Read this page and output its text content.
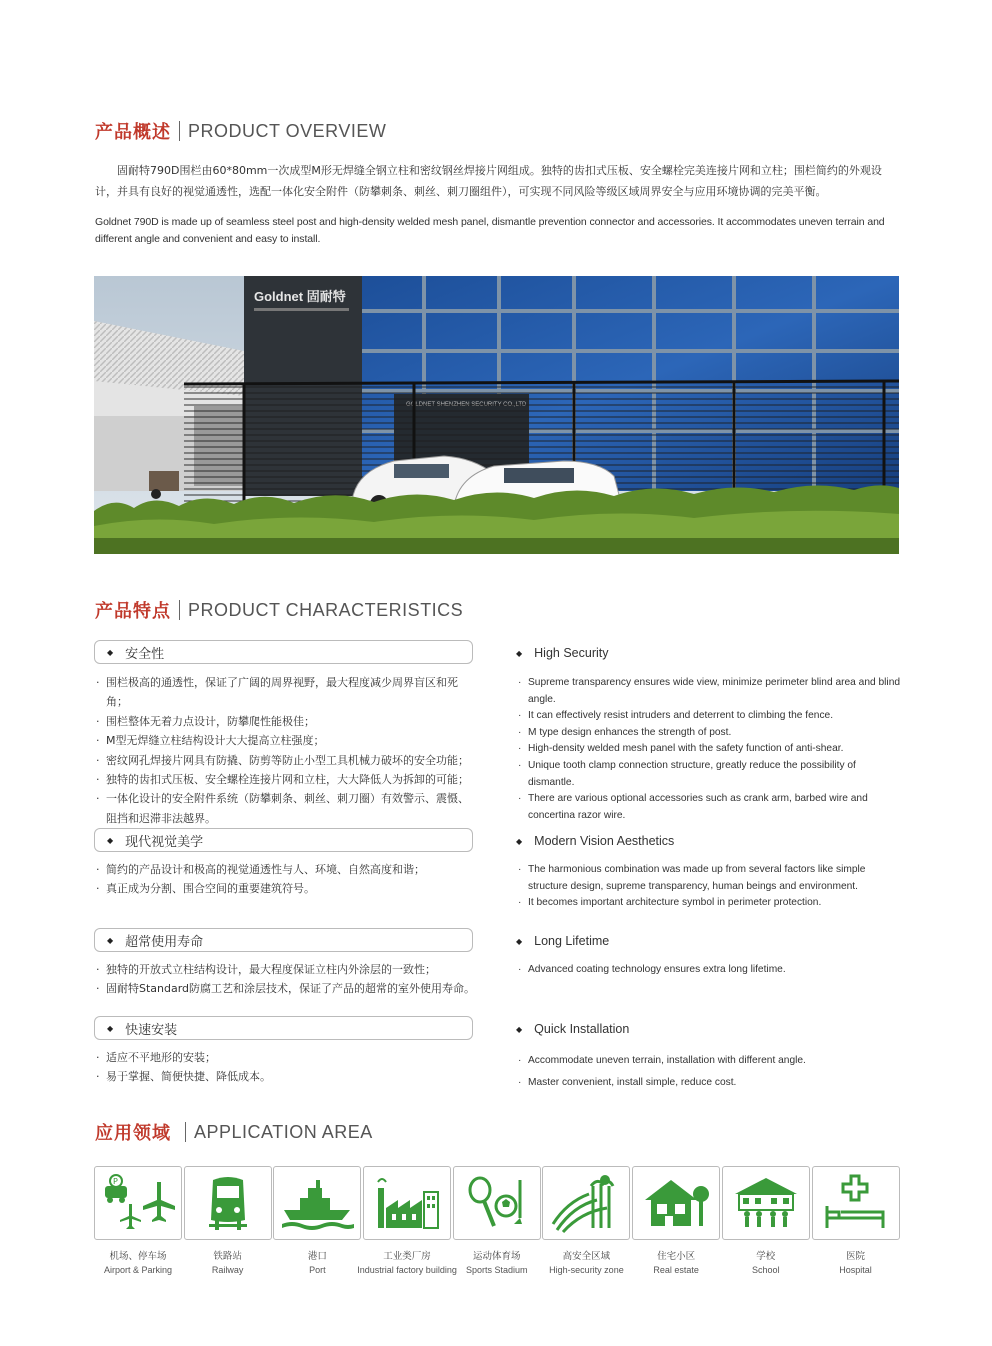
产品概述 PRODUCT OVERVIEW

固耐特790D围栏由60*80mm一次成型M形无焊缝全钢立柱和密纹钢丝焊接片网组成。独特的齿扣式压板、安全螺栓完美连接片网和立柱；围栏简约的外观设计，并具有良好的视觉通透性，选配一体化安全附件（防攀刺条、刺丝、刺刀圈组件），可实现不同风险等级区域周界安全与应用环境协调的完美平衡。

Goldnet 790D is made up of seamless steel post and high-density welded mesh panel, dismantle prevention connector and accessories. It accommodates uneven terrain and different angle and convenient and easy to install.

Goldnet 固耐特
产品特点 PRODUCT CHARACTERISTICS
◆ 安全性	◆ High Security
· 围栏极高的通透性，保证了广阔的周界视野，最大程度减少周界盲区和死角；
· 围栏整体无着力点设计，防攀爬性能极佳；
· M型无焊缝立柱结构设计大大提高立柱强度；
· 密纹网孔焊接片网具有防撬、防剪等防止小型工具机械力破坏的安全功能；
· 独特的齿扣式压板、安全螺栓连接片网和立柱，大大降低人为拆卸的可能；
· 一体化设计的安全附件系统（防攀刺条、刺丝、刺刀圈）有效警示、震慑、阻挡和迟滞非法越界。
· Supreme transparency ensures wide view, minimize perimeter blind area and blind angle.
· It can effectively resist intruders and deterrent to climbing the fence.
· M type design enhances the strength of post.
· High-density welded mesh panel with the safety function of anti-shear.
· Unique tooth clamp connection structure, greatly reduce the possibility of dismantle.
· There are various optional accessories such as crank arm, barbed wire and concertina razor wire.
◆ 现代视觉美学	◆ Modern Vision Aesthetics
· 简约的产品设计和极高的视觉通透性与人、环境、自然高度和谐；
· 真正成为分割、围合空间的重要建筑符号。
· The harmonious combination was made up from several factors like simple structure design, supreme transparency, human beings and environment.
· It becomes important architecture symbol in perimeter protection.
◆ 超常使用寿命	◆ Long Lifetime
· 独特的开放式立柱结构设计，最大程度保证立柱内外涂层的一致性；
· 固耐特Standard防腐工艺和涂层技术，保证了产品的超常的室外使用寿命。
· Advanced coating technology ensures extra long lifetime.
◆ 快速安装	◆ Quick Installation
· 适应不平地形的安装；
· 易于掌握、简便快捷、降低成本。
· Accommodate uneven terrain, installation with different angle.
· Master convenient, install simple, reduce cost.
应用领域 APPLICATION AREA
P
机场、停车场
Airport & Parking
铁路站
Railway
港口
Port
工业类厂房
Industrial factory building
运动体育场
Sports Stadium
高安全区域
High-security zone
住宅小区
Real estate
学校
School
医院
Hospital
